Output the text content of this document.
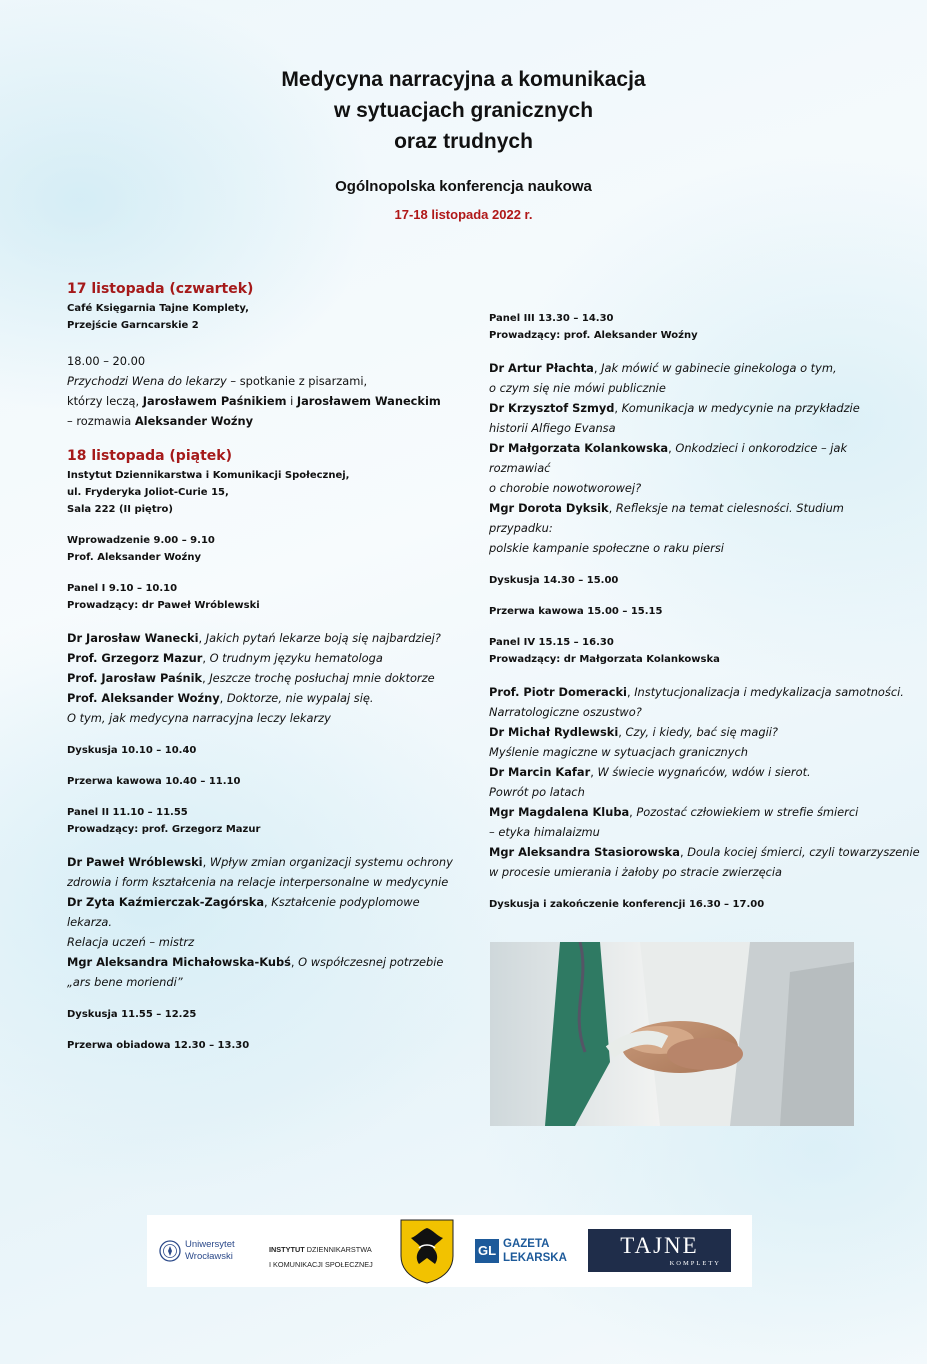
Medycyna narracyjna a komunikacja
w sytuacjach granicznych
oraz trudnych
Ogólnopolska konferencja naukowa
17-18 listopada 2022 r.
17 listopada (czwartek)
Café Księgarnia Tajne Komplety,
Przejście Garncarskie 2
18.00 – 20.00
Przychodzi Wena do lekarzy – spotkanie z pisarzami,
którzy leczą, Jarosławem Paśnikiem i Jarosławem Waneckim
– rozmawia Aleksander Woźny
18 listopada (piątek)
Instytut Dziennikarstwa i Komunikacji Społecznej,
ul. Fryderyka Joliot-Curie 15,
Sala 222 (II piętro)
Wprowadzenie 9.00 – 9.10
Prof. Aleksander Woźny
Panel I 9.10 – 10.10
Prowadzący: dr Paweł Wróblewski
Dr Jarosław Wanecki, Jakich pytań lekarze boją się najbardziej?
Prof. Grzegorz Mazur, O trudnym języku hematologa
Prof. Jarosław Paśnik, Jeszcze trochę posłuchaj mnie doktorze
Prof. Aleksander Woźny, Doktorze, nie wypalaj się.
O tym, jak medycyna narracyjna leczy lekarzy
Dyskusja 10.10 – 10.40
Przerwa kawowa 10.40 – 11.10
Panel II 11.10 – 11.55
Prowadzący: prof. Grzegorz Mazur
Dr Paweł Wróblewski, Wpływ zmian organizacji systemu ochrony
zdrowia i form kształcenia na relacje interpersonalne w medycynie
Dr Zyta Kaźmierczak-Zagórska, Kształcenie podyplomowe lekarza.
Relacja uczeń – mistrz
Mgr Aleksandra Michałowska-Kubś, O współczesnej potrzebie
„ars bene moriendi”
Dyskusja 11.55 – 12.25
Przerwa obiadowa 12.30 – 13.30
Panel III 13.30 – 14.30
Prowadzący: prof. Aleksander Woźny
Dr Artur Płachta, Jak mówić w gabinecie ginekologa o tym,
o czym się nie mówi publicznie
Dr Krzysztof Szmyd, Komunikacja w medycynie na przykładzie
historii Alfiego Evansa
Dr Małgorzata Kolankowska, Onkodzieci i onkorodzice – jak rozmawiać
o chorobie nowotworowej?
Mgr Dorota Dyksik, Refleksje na temat cielesności. Studium przypadku:
polskie kampanie społeczne o raku piersi
Dyskusja 14.30 – 15.00
Przerwa kawowa 15.00 – 15.15
Panel IV 15.15 – 16.30
Prowadzący: dr Małgorzata Kolankowska
Prof. Piotr Domeracki, Instytucjonalizacja i medykalizacja samotności.
Narratologiczne oszustwo?
Dr Michał Rydlewski, Czy, i kiedy, bać się magii?
Myślenie magiczne w sytuacjach granicznych
Dr Marcin Kafar, W świecie wygnańców, wdów i sierot.
Powrót po latach
Mgr Magdalena Kluba, Pozostać człowiekiem w strefie śmierci
– etyka himalaizmu
Mgr Aleksandra Stasiorowska, Doula kociej śmierci, czyli towarzyszenie
w procesie umierania i żałoby po stracie zwierzęcia
Dyskusja i zakończenie konferencji 16.30 – 17.00
Uniwersytet
Wrocławski
INSTYTUT DZIENNIKARSTWA
I KOMUNIKACJI SPOŁECZNEJ
GL GAZETA
LEKARSKA	TAJNE
KOMPLETY
